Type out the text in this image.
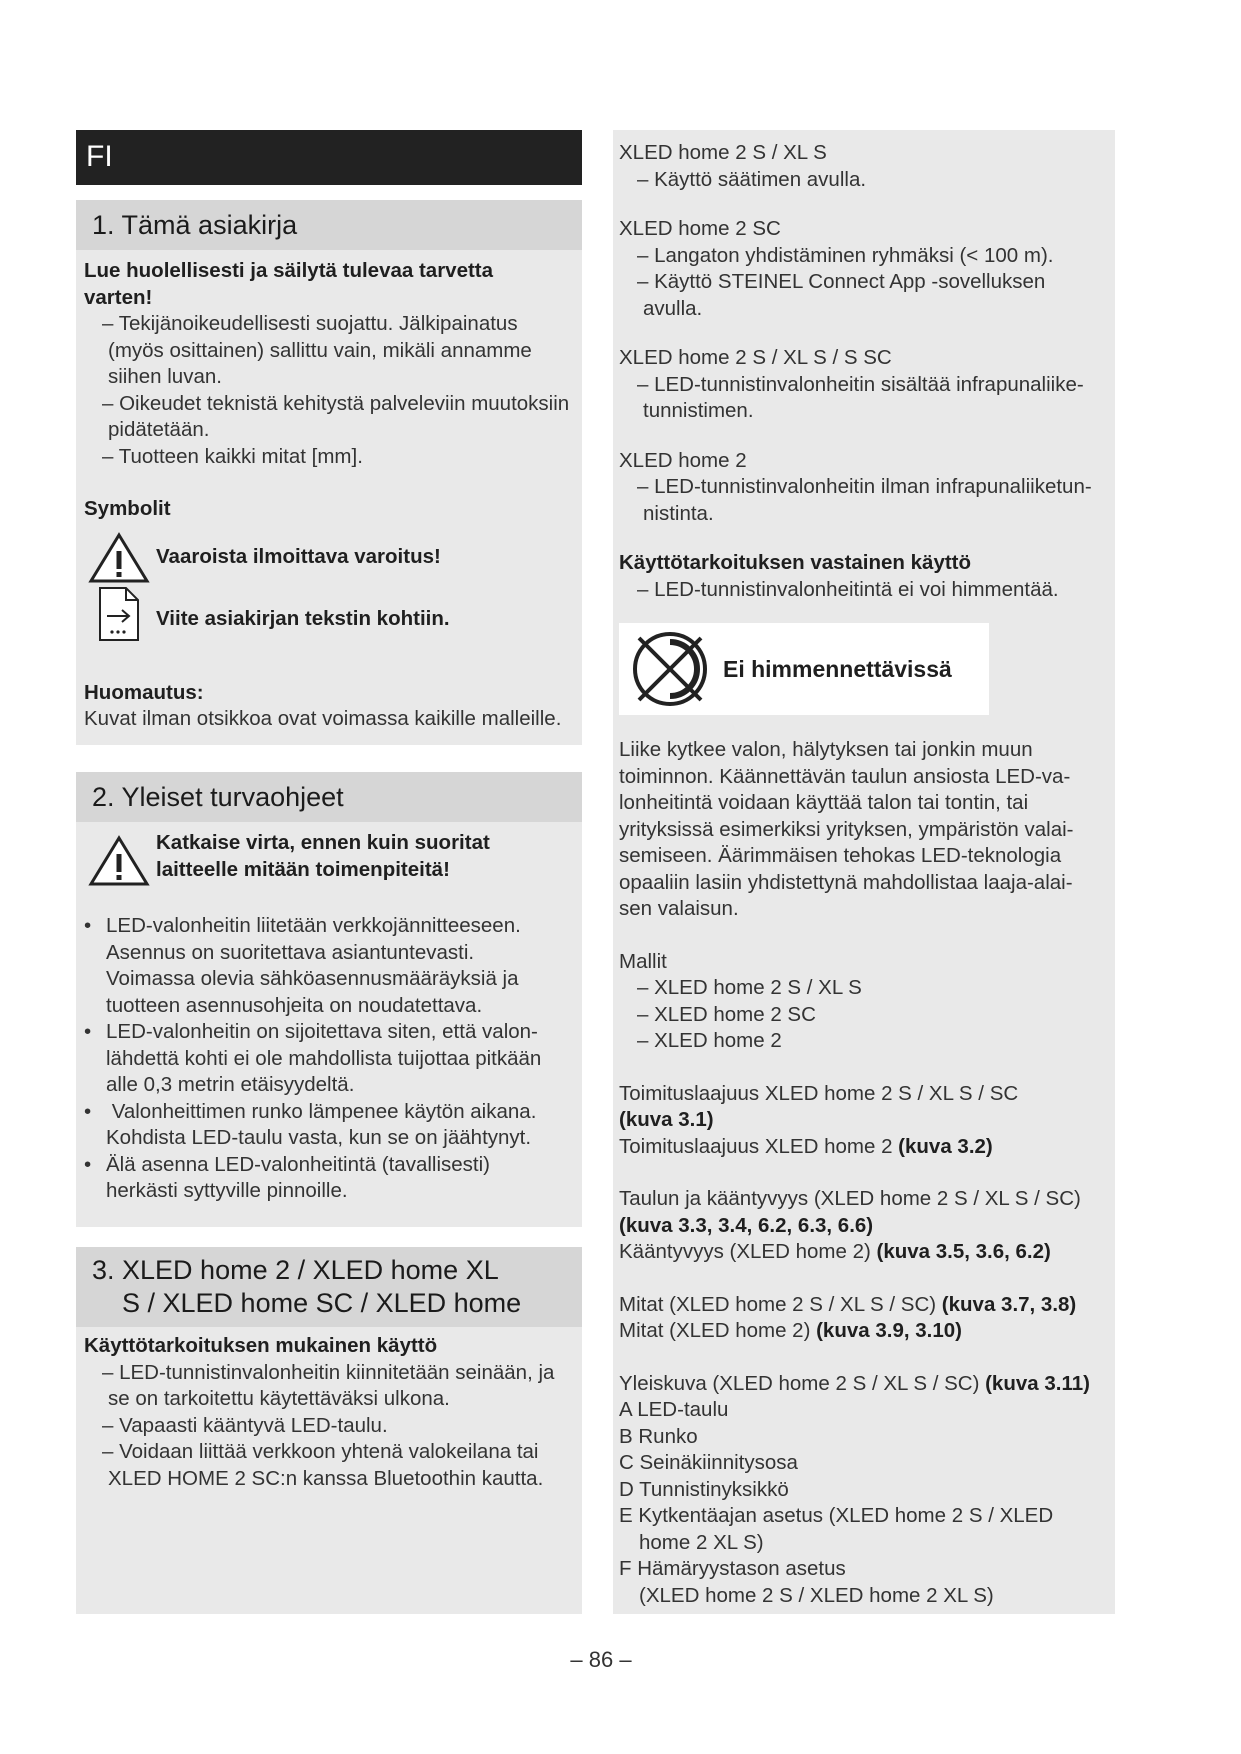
FI

1. Tämä asiakirja

Lue huolellisesti ja säilytä tulevaa tarvetta

varten!

– Tekijänoikeudellisesti suojattu. Jälkipainatus

(myös osittainen) sallittu vain, mikäli annamme

siihen luvan.

– Oikeudet teknistä kehitystä palveleviin muutoksiin

pidätetään.

– Tuotteen kaikki mitat [mm].

Symbolit

Vaaroista ilmoittava varoitus!

Viite asiakirjan tekstin kohtiin.

Huomautus:

Kuvat ilman otsikkoa ovat voimassa kaikille malleille.

2. Yleiset turvaohjeet

Katkaise virta, ennen kuin suoritat

laitteelle mitään toimenpiteitä!

• LED-valonheitin liitetään verkkojännitteeseen.

Asennus on suoritettava asiantuntevasti.

Voimassa olevia sähköasennusmääräyksiä ja

tuotteen asennusohjeita on noudatettava.

• LED-valonheitin on sijoitettava siten, että valon-

lähdettä kohti ei ole mahdollista tuijottaa pitkään

alle 0,3 metrin etäisyydeltä.

• Valonheittimen runko lämpenee käytön aikana.

Kohdista LED-taulu vasta, kun se on jäähtynyt.

• Älä asenna LED-valonheitintä (tavallisesti)

herkästi syttyville pinnoille.

3. XLED home 2 / XLED home XL

S / XLED home SC / XLED home

Käyttötarkoituksen mukainen käyttö

– LED-tunnistinvalonheitin kiinnitetään seinään, ja

se on tarkoitettu käytettäväksi ulkona.

– Vapaasti kääntyvä LED-taulu.

– Voidaan liittää verkkoon yhtenä valokeilana tai

XLED HOME 2 SC:n kanssa Bluetoothin kautta.

XLED home 2 S / XL S

– Käyttö säätimen avulla.

XLED home 2 SC

– Langaton yhdistäminen ryhmäksi (< 100 m).

– Käyttö STEINEL Connect App -sovelluksen

avulla.

XLED home 2 S / XL S / S SC

– LED-tunnistinvalonheitin sisältää infrapunaliike-

tunnistimen.

XLED home 2

– LED-tunnistinvalonheitin ilman infrapunaliiketun-

nistinta.

Käyttötarkoituksen vastainen käyttö

– LED-tunnistinvalonheitintä ei voi himmentää.

Ei himmennettävissä

Liike kytkee valon, hälytyksen tai jonkin muun

toiminnon. Käännettävän taulun ansiosta LED-va-

lonheitintä voidaan käyttää talon tai tontin, tai

yrityksissä esimerkiksi yrityksen, ympäristön valai-

semiseen. Äärimmäisen tehokas LED-teknologia

opaaliin lasiin yhdistettynä mahdollistaa laaja-alai-

sen valaisun.

Mallit

– XLED home 2 S / XL S

– XLED home 2 SC

– XLED home 2

Toimituslaajuus XLED home 2 S / XL S / SC

(kuva 3.1)

Toimituslaajuus XLED home 2 (kuva 3.2)

Taulun ja kääntyvyys (XLED home 2 S / XL S / SC)

(kuva 3.3, 3.4, 6.2, 6.3, 6.6)

Kääntyvyys (XLED home 2) (kuva 3.5, 3.6, 6.2)

Mitat (XLED home 2 S / XL S / SC) (kuva 3.7, 3.8)

Mitat (XLED home 2) (kuva 3.9, 3.10)

Yleiskuva (XLED home 2 S / XL S / SC) (kuva 3.11)

A LED-taulu

B Runko

C Seinäkiinnitysosa

D Tunnistinyksikkö

E Kytkentäajan asetus (XLED home 2 S / XLED

home 2 XL S)

F Hämäryystason asetus

(XLED home 2 S / XLED home 2 XL S)

– 86 –
